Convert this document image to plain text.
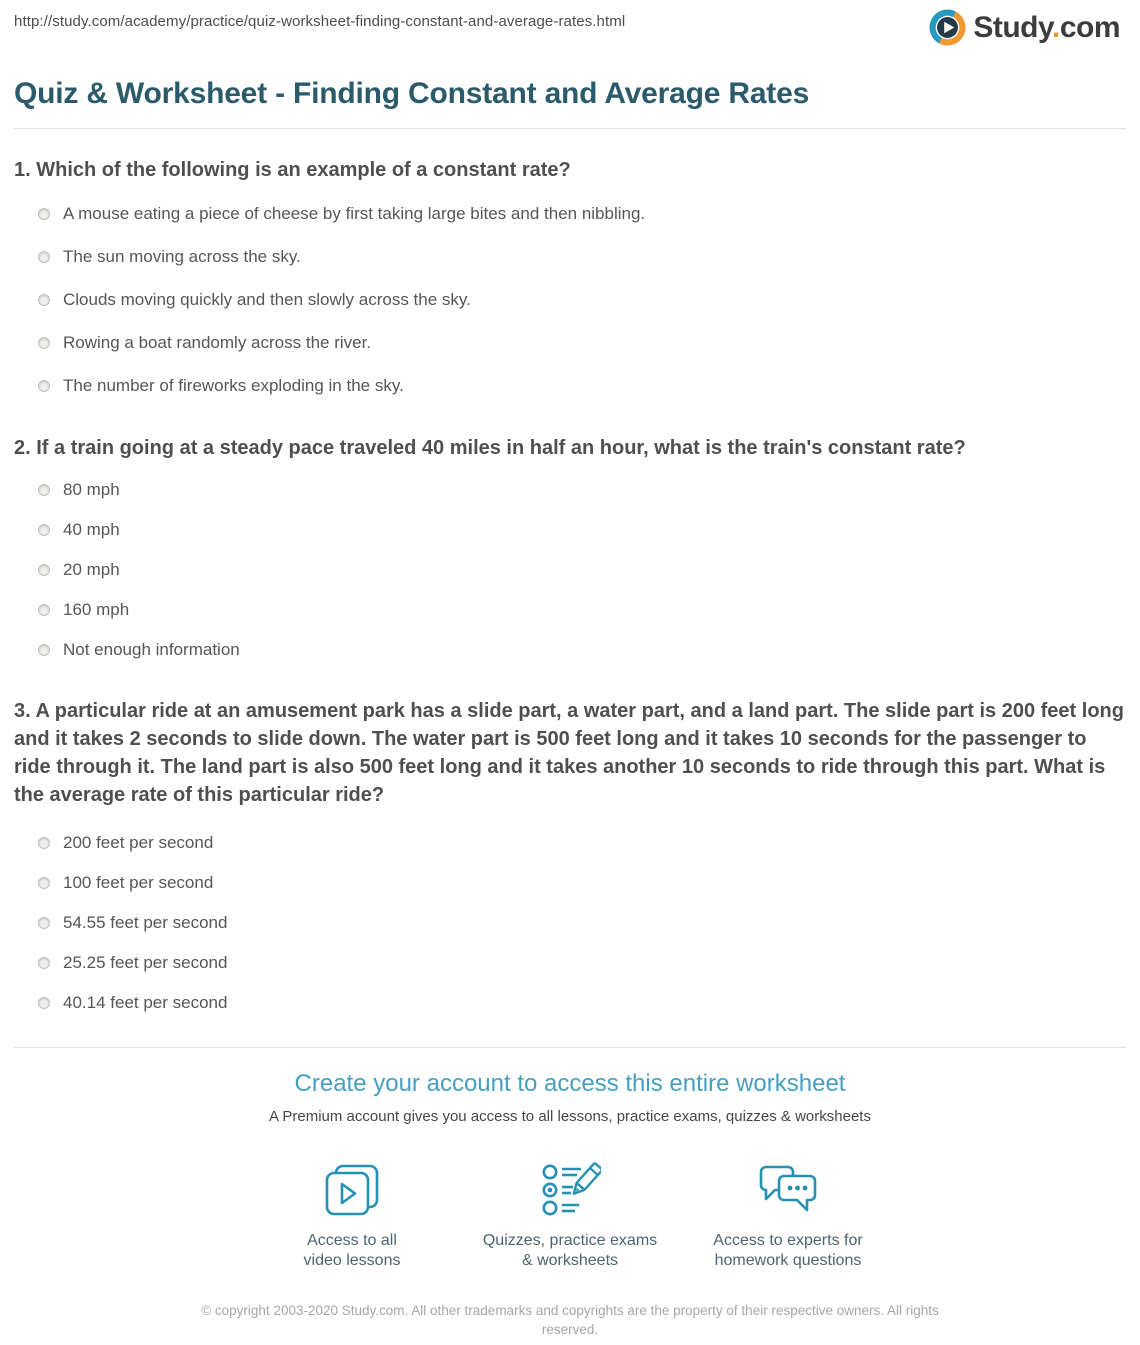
http://study.com/academy/practice/quiz-worksheet-finding-constant-and-average-rates.html	Study.com
Quiz & Worksheet - Finding Constant and Average Rates

1. Which of the following is an example of a constant rate?

A mouse eating a piece of cheese by first taking large bites and then nibbling.
The sun moving across the sky.
Clouds moving quickly and then slowly across the sky.
Rowing a boat randomly across the river.
The number of fireworks exploding in the sky.

2. If a train going at a steady pace traveled 40 miles in half an hour, what is the train's constant rate?

80 mph
40 mph
20 mph
160 mph
Not enough information

3. A particular ride at an amusement park has a slide part, a water part, and a land part. The slide part is 200 feet long and it takes 2 seconds to slide down. The water part is 500 feet long and it takes 10 seconds for the passenger to ride through it. The land part is also 500 feet long and it takes another 10 seconds to ride through this part. What is the average rate of this particular ride?

200 feet per second
100 feet per second
54.55 feet per second
25.25 feet per second
40.14 feet per second
Create your account to access this entire worksheet

A Premium account gives you access to all lessons, practice exams, quizzes & worksheets

Access to all
video lessons
Quizzes, practice exams
& worksheets
Access to experts for
homework questions

© copyright 2003-2020 Study.com. All other trademarks and copyrights are the property of their respective owners. All rights reserved.
